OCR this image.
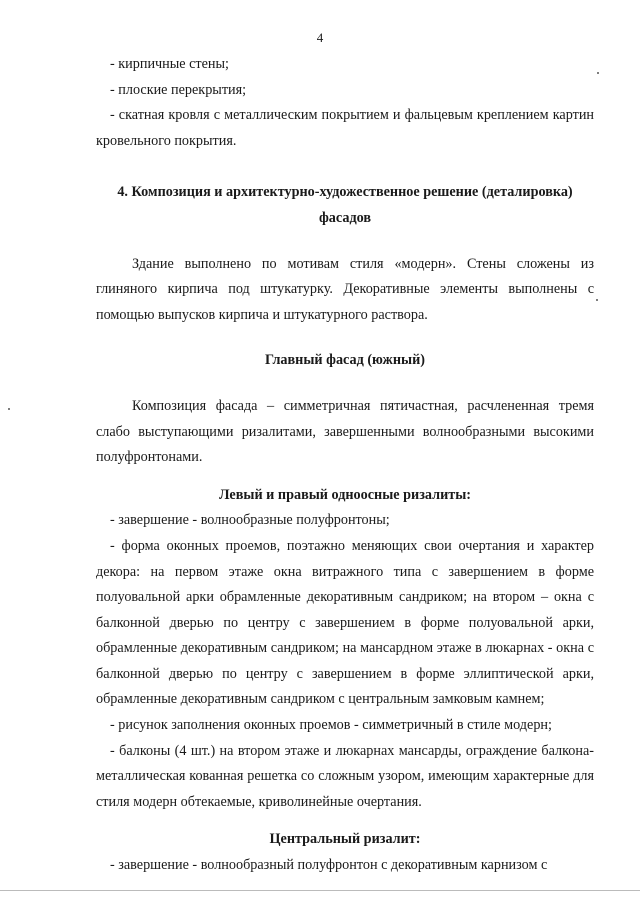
4

- кирпичные стены;

- плоские перекрытия;

- скатная кровля с металлическим покрытием и фальцевым креплением картин кровельного покрытия.

4. Композиция и архитектурно-художественное решение (деталировка) фасадов

Здание выполнено по мотивам стиля «модерн». Стены сложены из глиняного кирпича под штукатурку. Декоративные элементы выполнены с помощью выпусков кирпича и штукатурного раствора.

Главный фасад (южный)

Композиция фасада – симметричная пятичастная, расчлененная тремя слабо выступающими ризалитами, завершенными волнообразными высокими полуфронтонами.

Левый и правый одноосные ризалиты:

- завершение - волнообразные полуфронтоны;

- форма оконных проемов, поэтажно меняющих свои очертания и характер декора: на первом этаже окна витражного типа с завершением в форме полуовальной арки обрамленные декоративным сандриком; на втором – окна с балконной дверью по центру с завершением в форме полуовальной арки, обрамленные декоративным сандриком; на мансардном этаже в люкарнах - окна с балконной дверью по центру с завершением в форме эллиптической арки, обрамленные декоративным сандриком с центральным замковым камнем;

- рисунок заполнения оконных проемов - симметричный в стиле модерн;

- балконы (4 шт.) на втором этаже и люкарнах мансарды, ограждение балкона-металлическая кованная решетка со сложным узором, имеющим характерные для стиля модерн обтекаемые, криволинейные очертания.

Центральный ризалит:

- завершение - волнообразный полуфронтон с декоративным карнизом с
